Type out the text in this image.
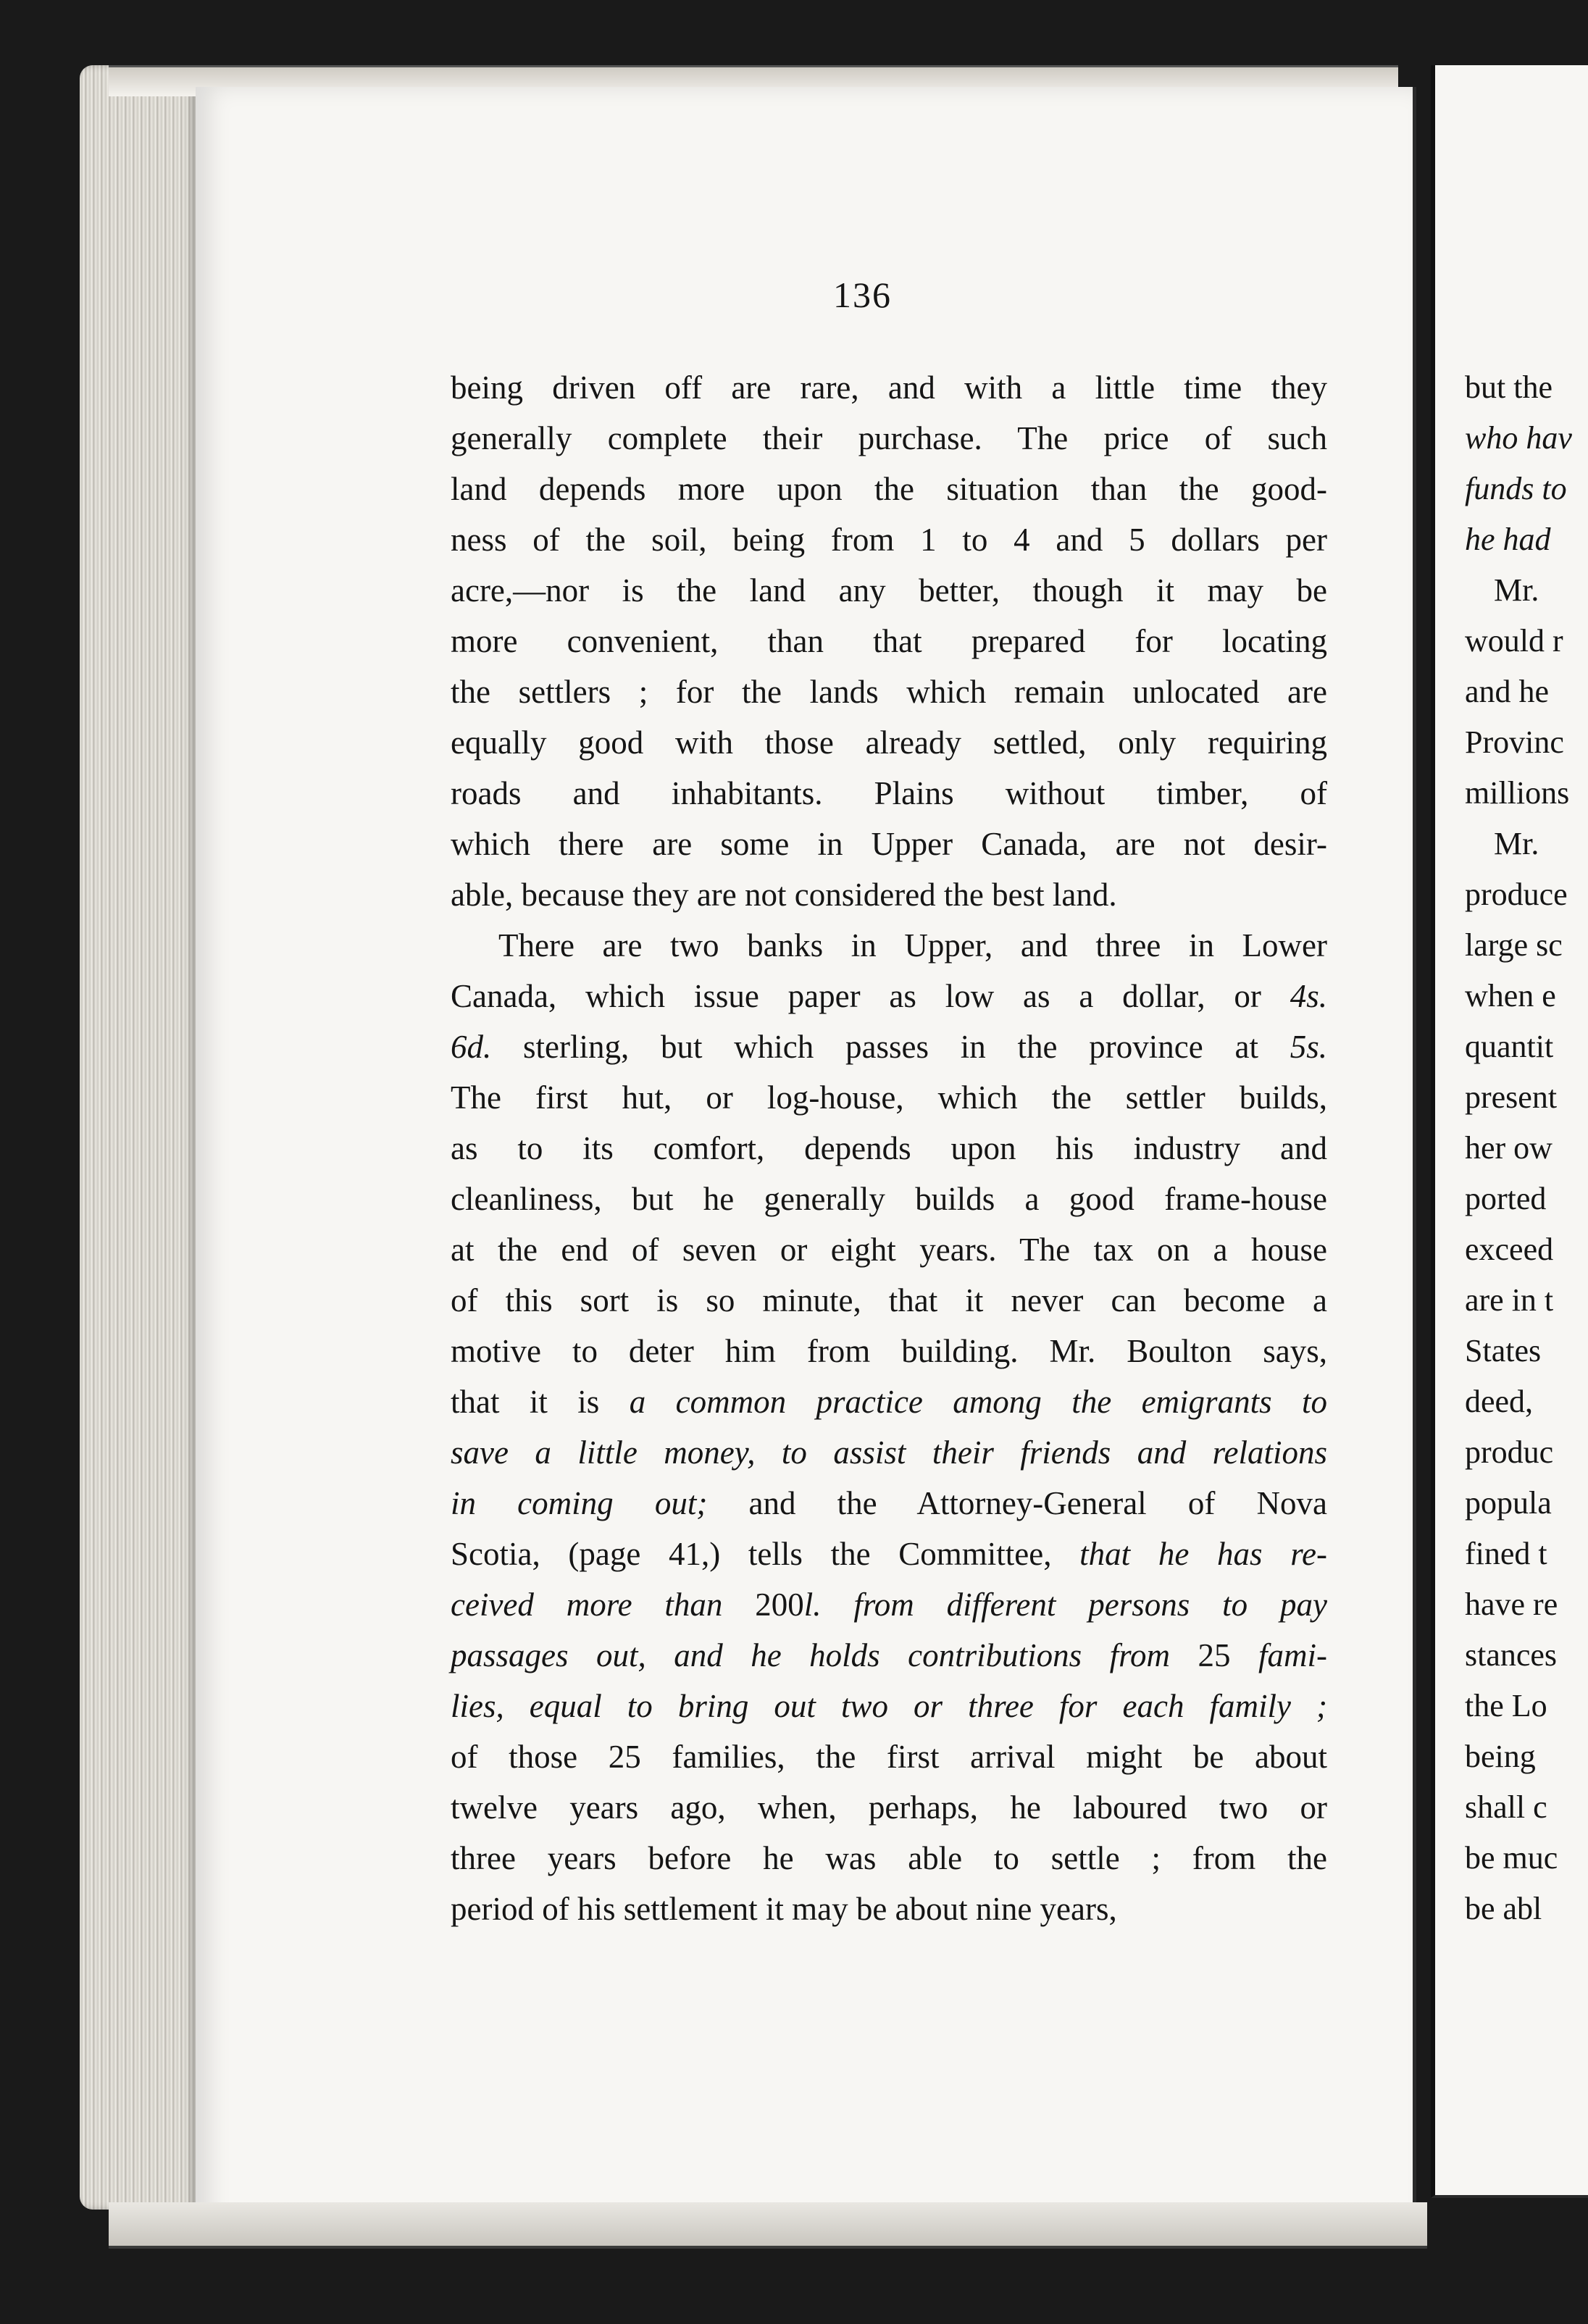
136
being driven off are rare, and with a little time they
generally complete their purchase. The price of such
land depends more upon the situation than the good-
ness of the soil, being from 1 to 4 and 5 dollars per
acre,—nor is the land any better, though it may be
more convenient, than that prepared for locating
the settlers ; for the lands which remain unlocated are
equally good with those already settled, only requiring
roads and inhabitants. Plains without timber, of
which there are some in Upper Canada, are not desir-
able, because they are not considered the best land.
There are two banks in Upper, and three in Lower
Canada, which issue paper as low as a dollar, or 4s.
6d. sterling, but which passes in the province at 5s.
The first hut, or log-house, which the settler builds,
as to its comfort, depends upon his industry and
cleanliness, but he generally builds a good frame-house
at the end of seven or eight years. The tax on a house
of this sort is so minute, that it never can become a
motive to deter him from building. Mr. Boulton says,
that it is a common practice among the emigrants to
save a little money, to assist their friends and relations
in coming out; and the Attorney-General of Nova
Scotia, (page 41,) tells the Committee, that he has re-
ceived more than 200l. from different persons to pay
passages out, and he holds contributions from 25 fami-
lies, equal to bring out two or three for each family ;
of those 25 families, the first arrival might be about
twelve years ago, when, perhaps, he laboured two or
three years before he was able to settle ; from the
period of his settlement it may be about nine years,
but the
who hav
funds to
he had
Mr.
would r
and he
Provinc
millions
Mr.
produce
large sc
when e
quantit
present
her ow
ported
exceed
are in t
States
deed,
produc
popula
fined t
have re
stances
the Lo
being
shall c
be muc
be abl
